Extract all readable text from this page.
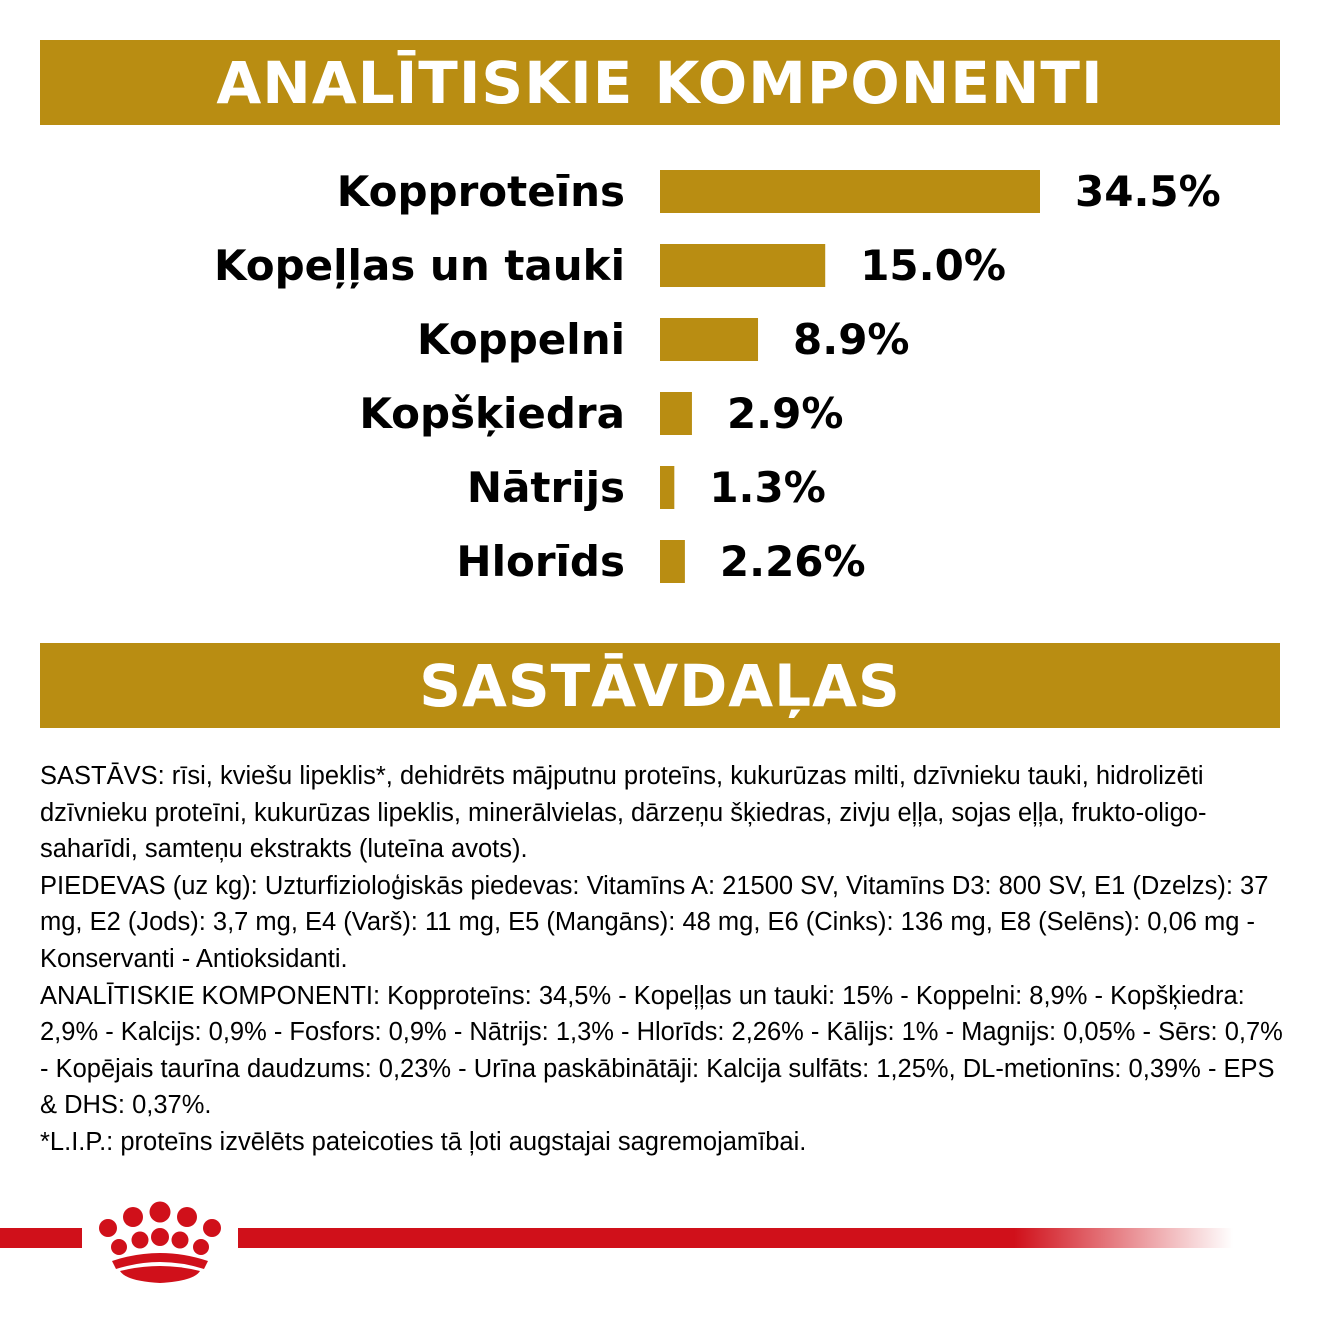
ANALĪTISKIE KOMPONENTI
Kopproteīns	34.5%
Kopeļļas un tauki	15.0%
Koppelni	8.9%
Kopšķiedra 2.9%
Nātrijs 1.3%
Hlorīds 2.26%
SASTĀVDAĻAS

SASTĀVS: rīsi, kviešu lipeklis*, dehidrēts mājputnu proteīns, kukurūzas milti, dzīvnieku tauki, hidrolizēti dzīvnieku proteīni, kukurūzas lipeklis, minerālvielas, dārzeņu šķiedras, zivju eļļa, sojas eļļa, frukto-oligo-saharīdi, samteņu ekstrakts (luteīna avots).

PIEDEVAS (uz kg): Uzturfizioloģiskās piedevas: Vitamīns A: 21500 SV, Vitamīns D3: 800 SV, E1 (Dzelzs): 37 mg, E2 (Jods): 3,7 mg, E4 (Varš): 11 mg, E5 (Mangāns): 48 mg, E6 (Cinks): 136 mg, E8 (Selēns): 0,06 mg - Konservanti - Antioksidanti.

ANALĪTISKIE KOMPONENTI: Kopproteīns: 34,5% - Kopeļļas un tauki: 15% - Koppelni: 8,9% - Kopšķiedra: 2,9% - Kalcijs: 0,9% - Fosfors: 0,9% - Nātrijs: 1,3% - Hlorīds: 2,26% - Kālijs: 1% - Magnijs: 0,05% - Sērs: 0,7% - Kopējais taurīna daudzums: 0,23% - Urīna paskābinātāji: Kalcija sulfāts: 1,25%, DL-metionīns: 0,39% - EPS & DHS: 0,37%.

*L.I.P.: proteīns izvēlēts pateicoties tā ļoti augstajai sagremojamībai.
